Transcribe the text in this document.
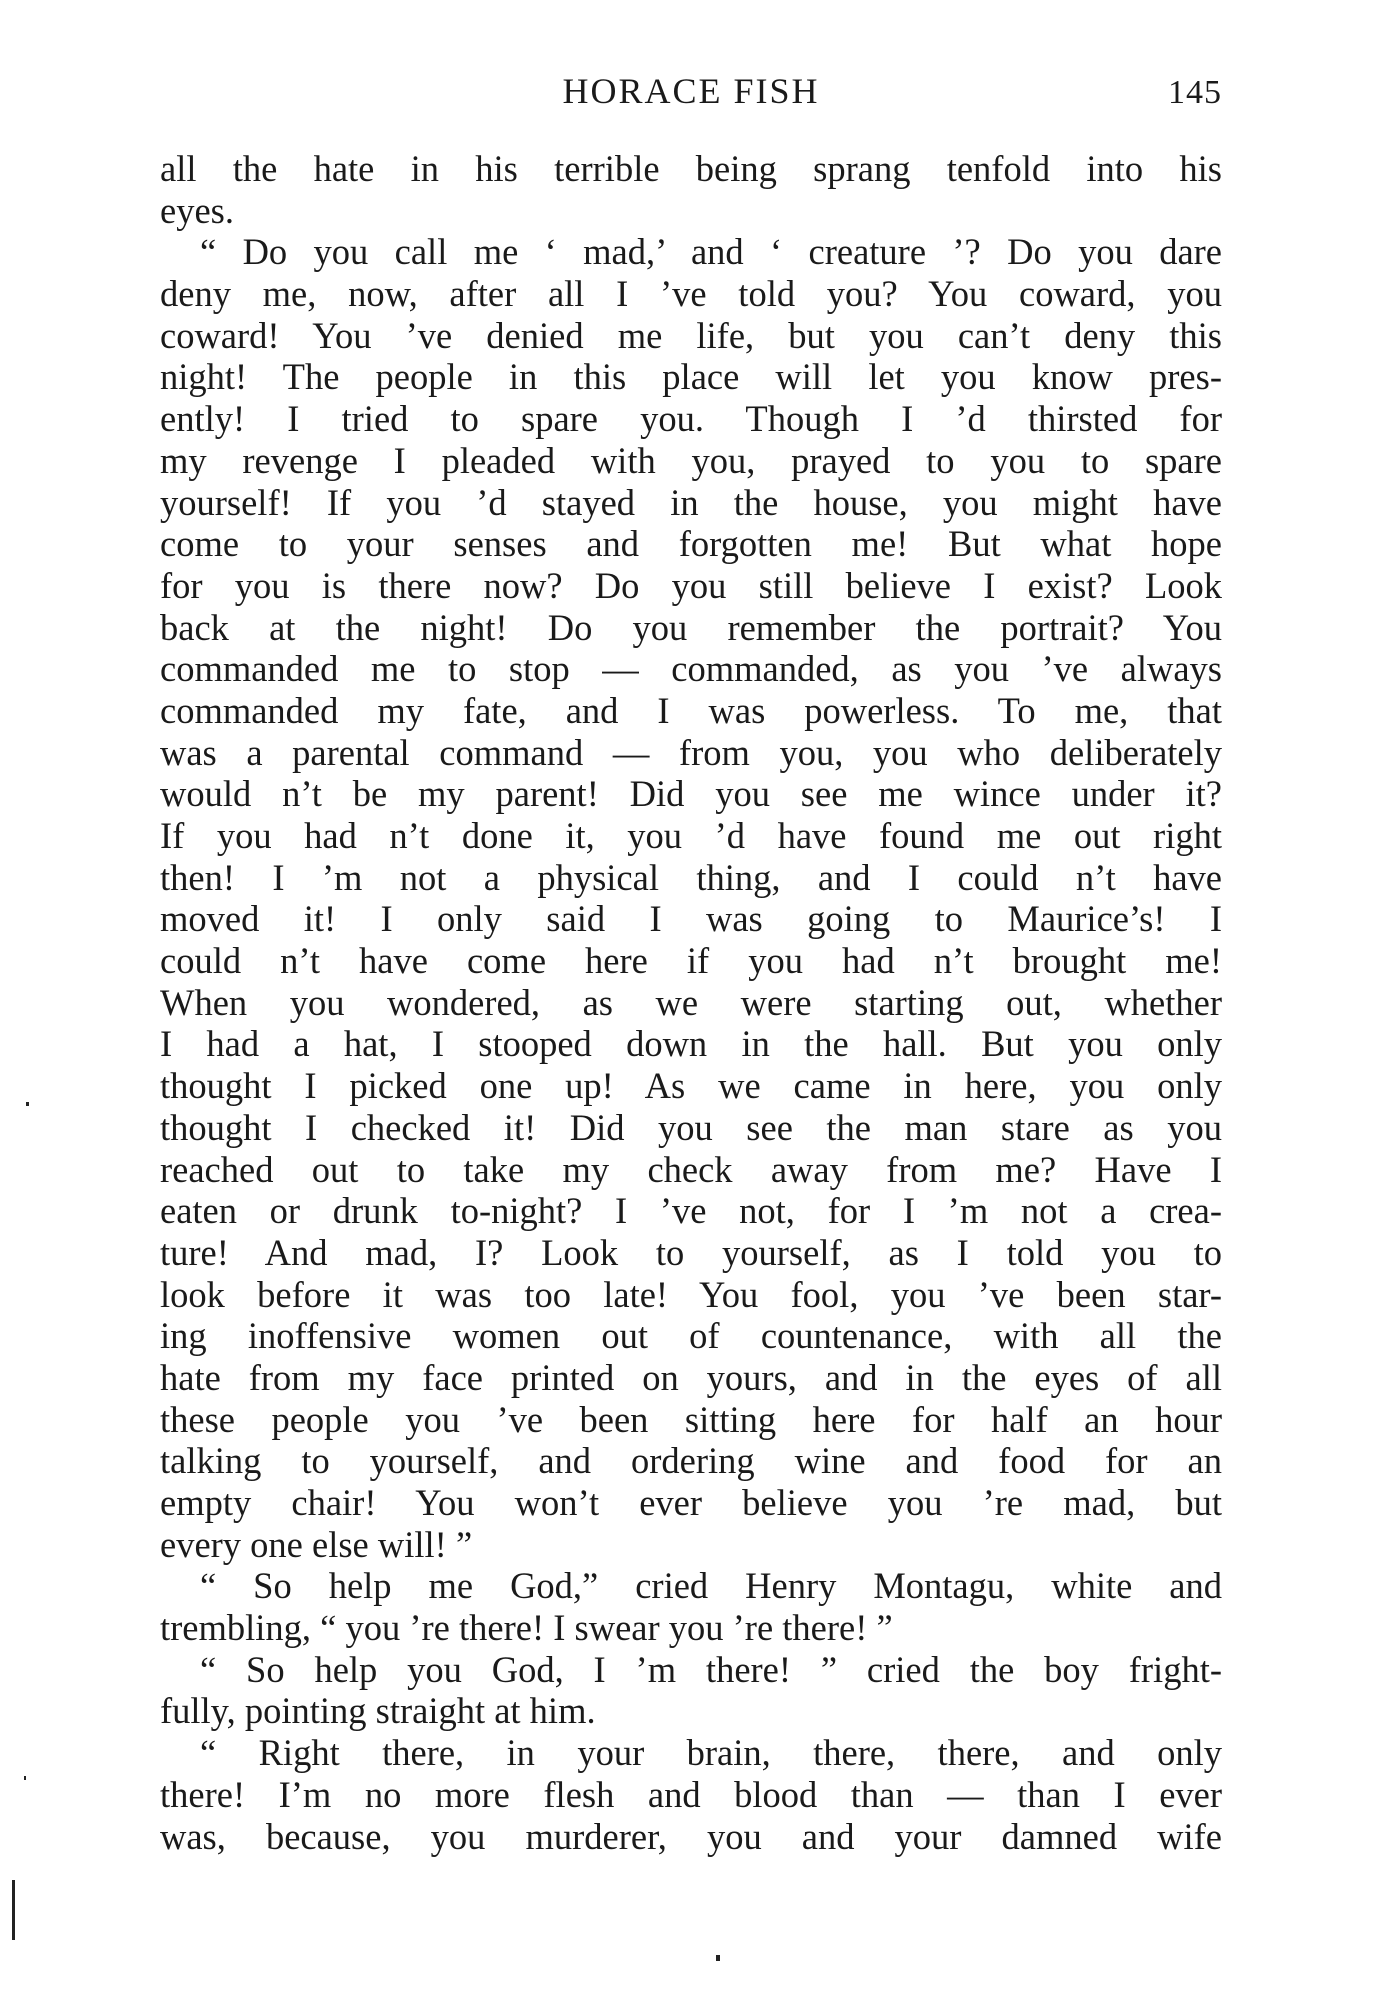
HORACE FISH	145
all the hate in his terrible being sprang tenfold into his
eyes.
“ Do you call me ‘ mad,’ and ‘ creature ’? Do you dare
deny me, now, after all I ’ve told you? You coward, you
coward! You ’ve denied me life, but you can’t deny this
night! The people in this place will let you know pres-
ently! I tried to spare you. Though I ’d thirsted for
my revenge I pleaded with you, prayed to you to spare
yourself! If you ’d stayed in the house, you might have
come to your senses and forgotten me! But what hope
for you is there now? Do you still believe I exist? Look
back at the night! Do you remember the portrait? You
commanded me to stop — commanded, as you ’ve always
commanded my fate, and I was powerless. To me, that
was a parental command — from you, you who deliberately
would n’t be my parent! Did you see me wince under it?
If you had n’t done it, you ’d have found me out right
then! I ’m not a physical thing, and I could n’t have
moved it! I only said I was going to Maurice’s! I
could n’t have come here if you had n’t brought me!
When you wondered, as we were starting out, whether
I had a hat, I stooped down in the hall. But you only
thought I picked one up! As we came in here, you only
thought I checked it! Did you see the man stare as you
reached out to take my check away from me? Have I
eaten or drunk to-night? I ’ve not, for I ’m not a crea-
ture! And mad, I? Look to yourself, as I told you to
look before it was too late! You fool, you ’ve been star-
ing inoffensive women out of countenance, with all the
hate from my face printed on yours, and in the eyes of all
these people you ’ve been sitting here for half an hour
talking to yourself, and ordering wine and food for an
empty chair! You won’t ever believe you ’re mad, but
every one else will! ”
“ So help me God,” cried Henry Montagu, white and
trembling, “ you ’re there! I swear you ’re there! ”
“ So help you God, I ’m there! ” cried the boy fright-
fully, pointing straight at him.
“ Right there, in your brain, there, there, and only
there! I’m no more flesh and blood than — than I ever
was, because, you murderer, you and your damned wife
